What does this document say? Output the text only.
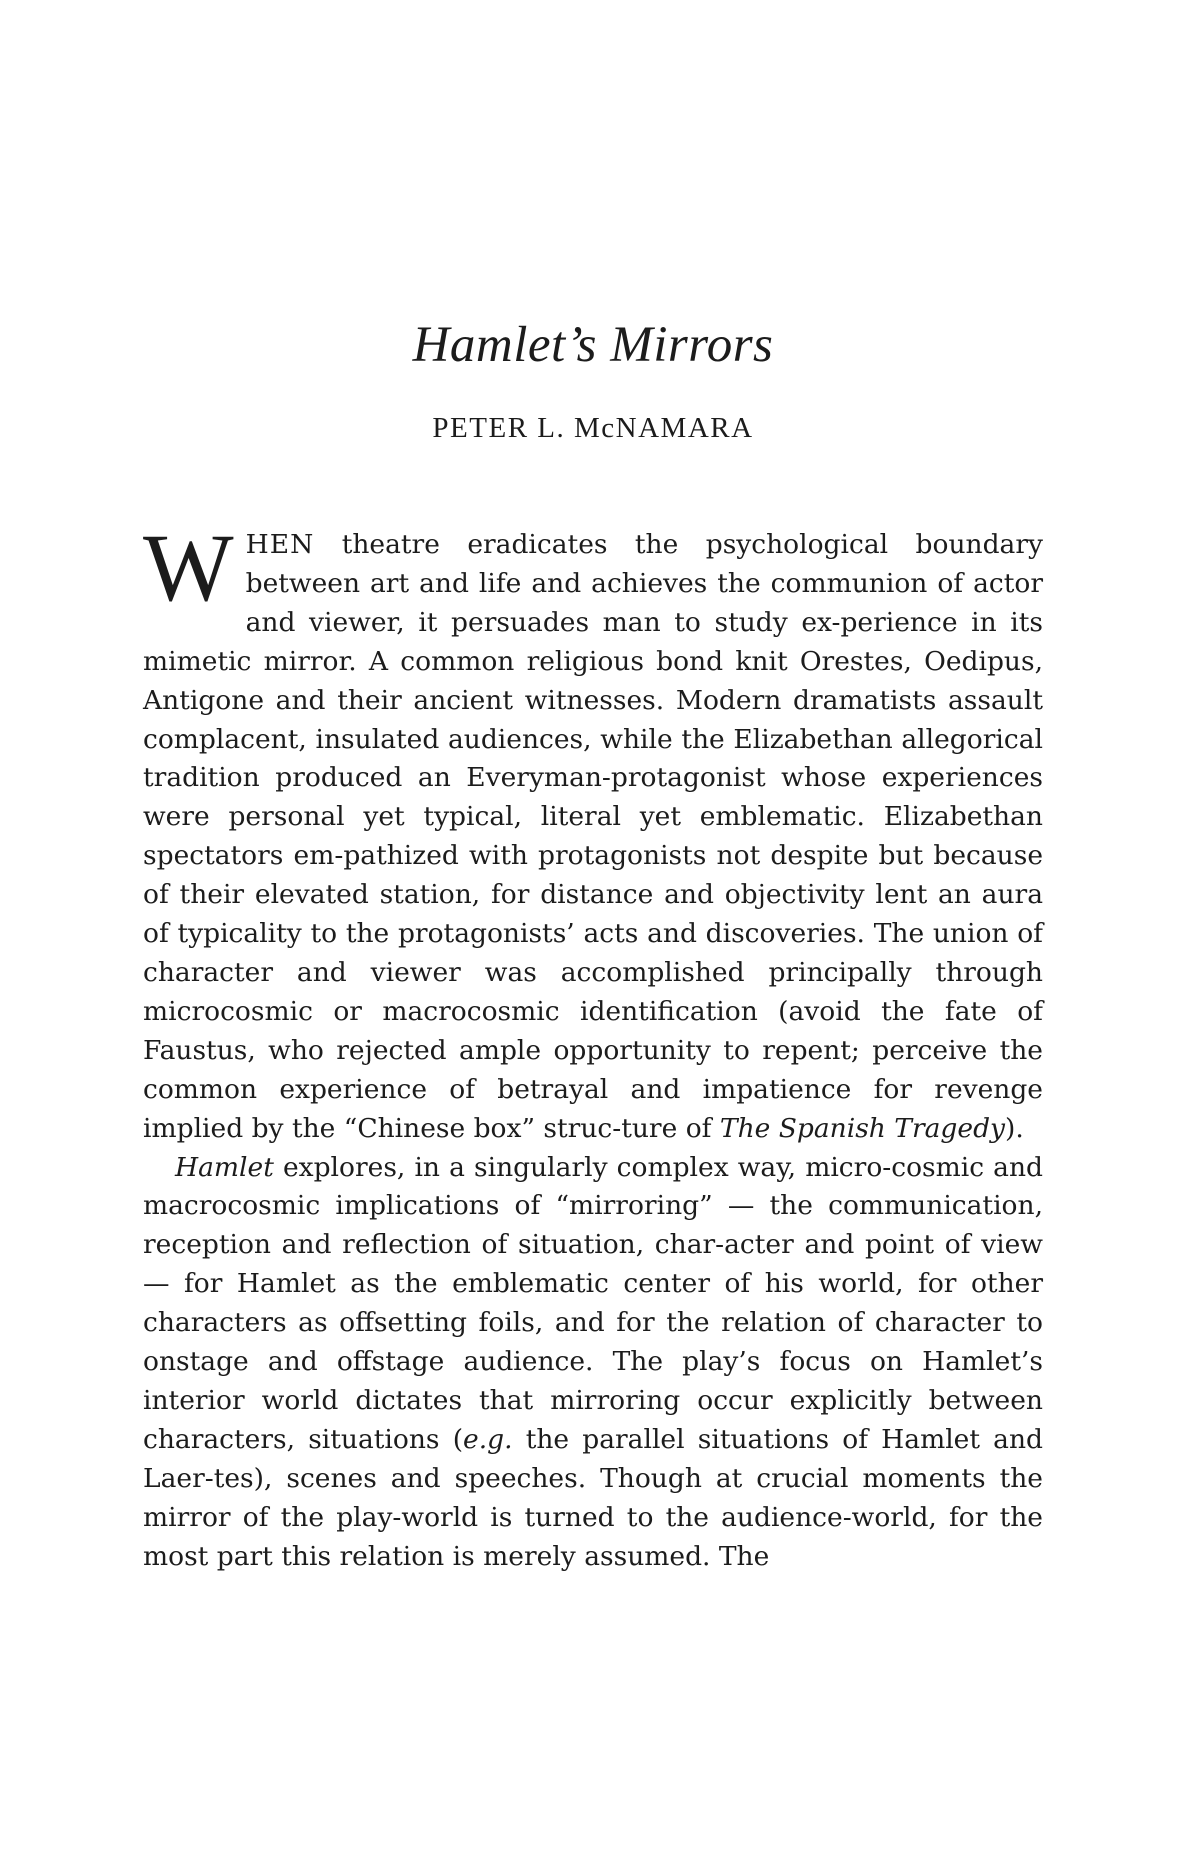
Hamlet’s Mirrors
PETER L. McNAMARA

WHEN theatre eradicates the psychological boundary between art and life and achieves the communion of actor and viewer, it persuades man to study ex-perience in its mimetic mirror. A common religious bond knit Orestes, Oedipus, Antigone and their ancient witnesses. Modern dramatists assault complacent, insulated audiences, while the Elizabethan allegorical tradition produced an Everyman-protagonist whose experiences were personal yet typical, literal yet emblematic. Elizabethan spectators em-pathized with protagonists not despite but because of their elevated station, for distance and objectivity lent an aura of typicality to the protagonists’ acts and discoveries. The union of character and viewer was accomplished principally through microcosmic or macrocosmic identification (avoid the fate of Faustus, who rejected ample opportunity to repent; perceive the common experience of betrayal and impatience for revenge implied by the “Chinese box” struc-ture of The Spanish Tragedy).

Hamlet explores, in a singularly complex way, micro-cosmic and macrocosmic implications of “mirroring” — the communication, reception and reflection of situation, char-acter and point of view — for Hamlet as the emblematic center of his world, for other characters as offsetting foils, and for the relation of character to onstage and offstage audience. The play’s focus on Hamlet’s interior world dictates that mirroring occur explicitly between characters, situations (e.g. the parallel situations of Hamlet and Laer-tes), scenes and speeches. Though at crucial moments the mirror of the play-world is turned to the audience-world, for the most part this relation is merely assumed. The
